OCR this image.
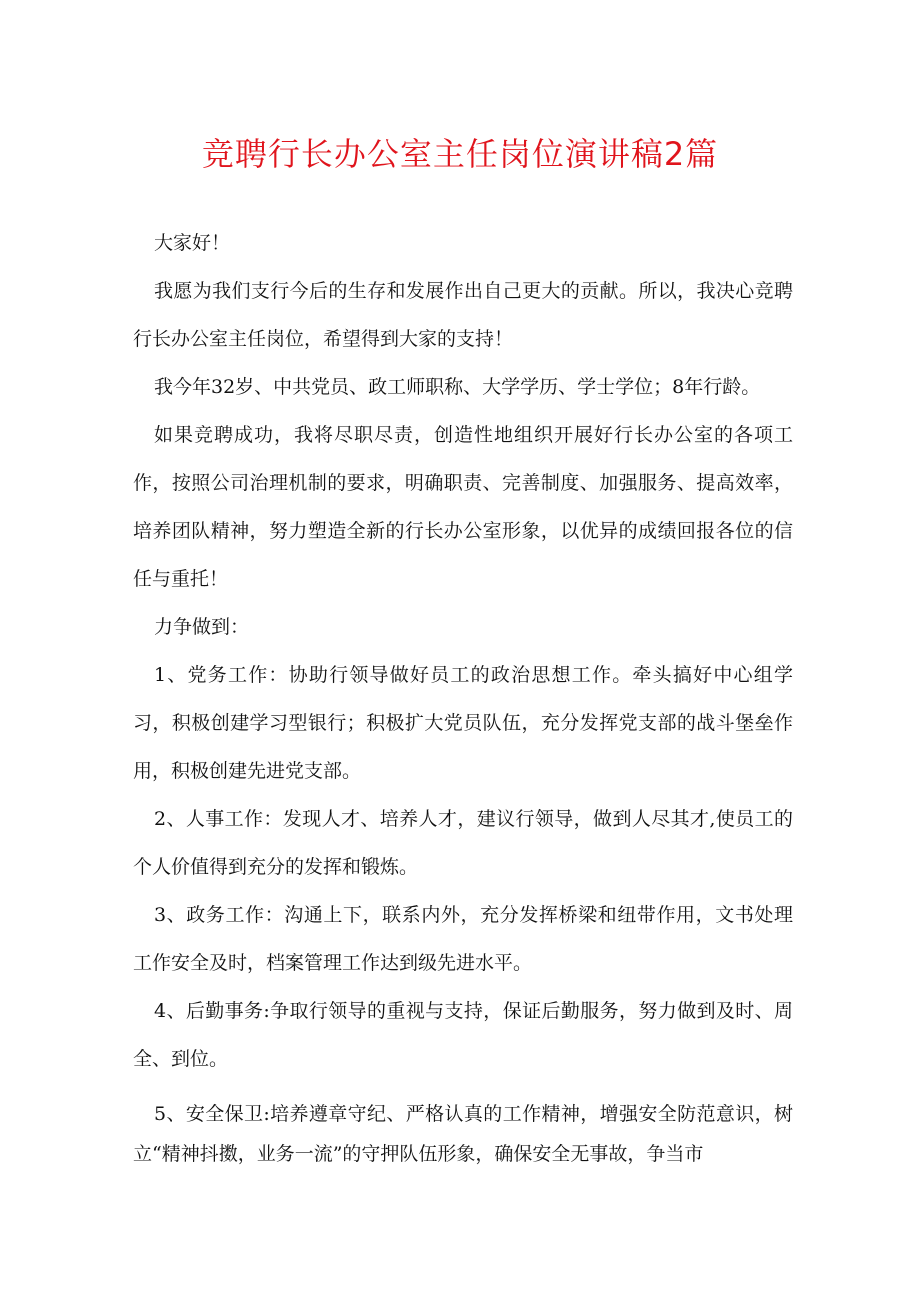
竞聘行长办公室主任岗位演讲稿2篇

大家好！

我愿为我们支行今后的生存和发展作出自己更大的贡献。所以，我决心竞聘行长办公室主任岗位，希望得到大家的支持！

我今年32岁、中共党员、政工师职称、大学学历、学士学位；8年行龄。

如果竞聘成功，我将尽职尽责，创造性地组织开展好行长办公室的各项工作，按照公司治理机制的要求，明确职责、完善制度、加强服务、提高效率，培养团队精神，努力塑造全新的行长办公室形象，以优异的成绩回报各位的信任与重托！

力争做到：

1、党务工作：协助行领导做好员工的政治思想工作。牵头搞好中心组学习，积极创建学习型银行；积极扩大党员队伍，充分发挥党支部的战斗堡垒作用，积极创建先进党支部。

2、人事工作：发现人才、培养人才，建议行领导，做到人尽其才,使员工的个人价值得到充分的发挥和锻炼。

3、政务工作：沟通上下，联系内外，充分发挥桥梁和纽带作用，文书处理工作安全及时，档案管理工作达到级先进水平。

4、后勤事务:争取行领导的重视与支持，保证后勤服务，努力做到及时、周全、到位。

5、安全保卫:培养遵章守纪、严格认真的工作精神，增强安全防范意识，树立“精神抖擞，业务一流”的守押队伍形象，确保安全无事故，争当市
